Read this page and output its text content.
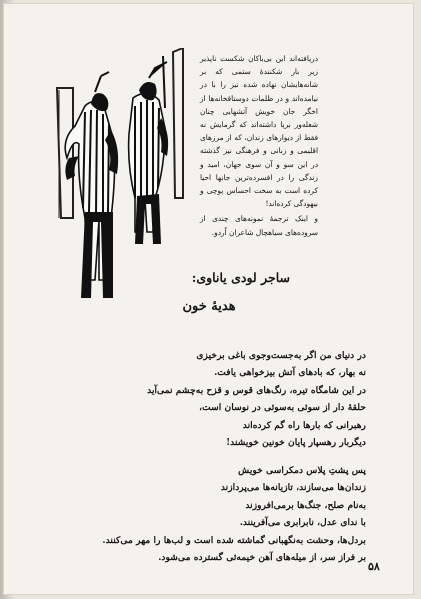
دریافته‌اند این بی‌باکان شکست ناپذیر زیر بار شکنندهٔ ستمی که بر شانه‌هایشان نهاده شده نیز را با در نیامده‌اند و در ظلمات دوستاقخانه‌ها از اخگر جان خویش آتشهایی چنان شعله‌ور برپا داشته‌اند که گرمایش نه فقط از دیوارهای زندان، که از مرزهای اقلیمی و زبانی و فرهنگی نیز گذشته در این سو و آن سوی جهان، امید و زندگی را در افسرده‌ترین جانها احیا کرده است به سخت احساس پوچی و بیهودگی کرده‌اند!

و اینک ترجمهٔ نمونه‌های چندی از سروده‌های سیاهچال شاعران اُردو.

ساجر لودی یاناوی:
هدیهٔ خون
در دنیای من اگر به‌جست‌وجوی باغی برخیزی
نه بهار، که بادهای آتش بیزخواهی یافت.
در این شامگاه تیره، رنگ‌های قوس و قزح به‌چشم نمی‌آید
حلقهٔ دار از سوئی به‌سوئی در نوسان است،
رهبرانی که بارها راه گم کرده‌اند
دیگربار رهسپار پایان خونین خویشند!
پس پشتِ پلاس دمکراسی خویش
زندان‌ها می‌سازند، تازیانه‌ها می‌پردازند
به‌نام صلح، جنگ‌ها برمی‌افروزند
با ندای عدل، نابرابری می‌آفرینند.
بردل‌ها، وحشت به‌نگهبانی گماشته شده است و لب‌ها را مهر می‌کنند.
بر فراز سر، از میله‌های آهن خیمه‌ئی گسترده می‌شود.
۵۸
